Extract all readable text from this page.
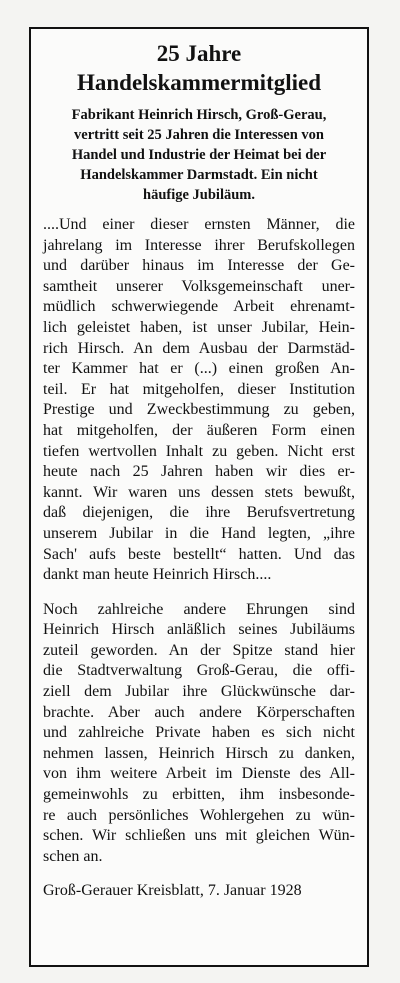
25 Jahre
Handelskammermitglied
Fabrikant Heinrich Hirsch, Groß-Gerau,
vertritt seit 25 Jahren die Interessen von
Handel und Industrie der Heimat bei der
Handelskammer Darmstadt. Ein nicht
häufige Jubiläum.
....Und einer dieser ernsten Männer, die
jahrelang im Interesse ihrer Berufskollegen
und darüber hinaus im Interesse der Ge-
samtheit unserer Volksgemeinschaft uner-
müdlich schwerwiegende Arbeit ehrenamt-
lich geleistet haben, ist unser Jubilar, Hein-
rich Hirsch. An dem Ausbau der Darmstäd-
ter Kammer hat er (...) einen großen An-
teil. Er hat mitgeholfen, dieser Institution
Prestige und Zweckbestimmung zu geben,
hat mitgeholfen, der äußeren Form einen
tiefen wertvollen Inhalt zu geben. Nicht erst
heute nach 25 Jahren haben wir dies er-
kannt. Wir waren uns dessen stets bewußt,
daß diejenigen, die ihre Berufsvertretung
unserem Jubilar in die Hand legten, „ihre
Sach' aufs beste bestellt“ hatten. Und das
dankt man heute Heinrich Hirsch....
Noch zahlreiche andere Ehrungen sind
Heinrich Hirsch anläßlich seines Jubiläums
zuteil geworden. An der Spitze stand hier
die Stadtverwaltung Groß-Gerau, die offi-
ziell dem Jubilar ihre Glückwünsche dar-
brachte. Aber auch andere Körperschaften
und zahlreiche Private haben es sich nicht
nehmen lassen, Heinrich Hirsch zu danken,
von ihm weitere Arbeit im Dienste des All-
gemeinwohls zu erbitten, ihm insbesonde-
re auch persönliches Wohlergehen zu wün-
schen. Wir schließen uns mit gleichen Wün-
schen an.

Groß-Gerauer Kreisblatt, 7. Januar 1928
